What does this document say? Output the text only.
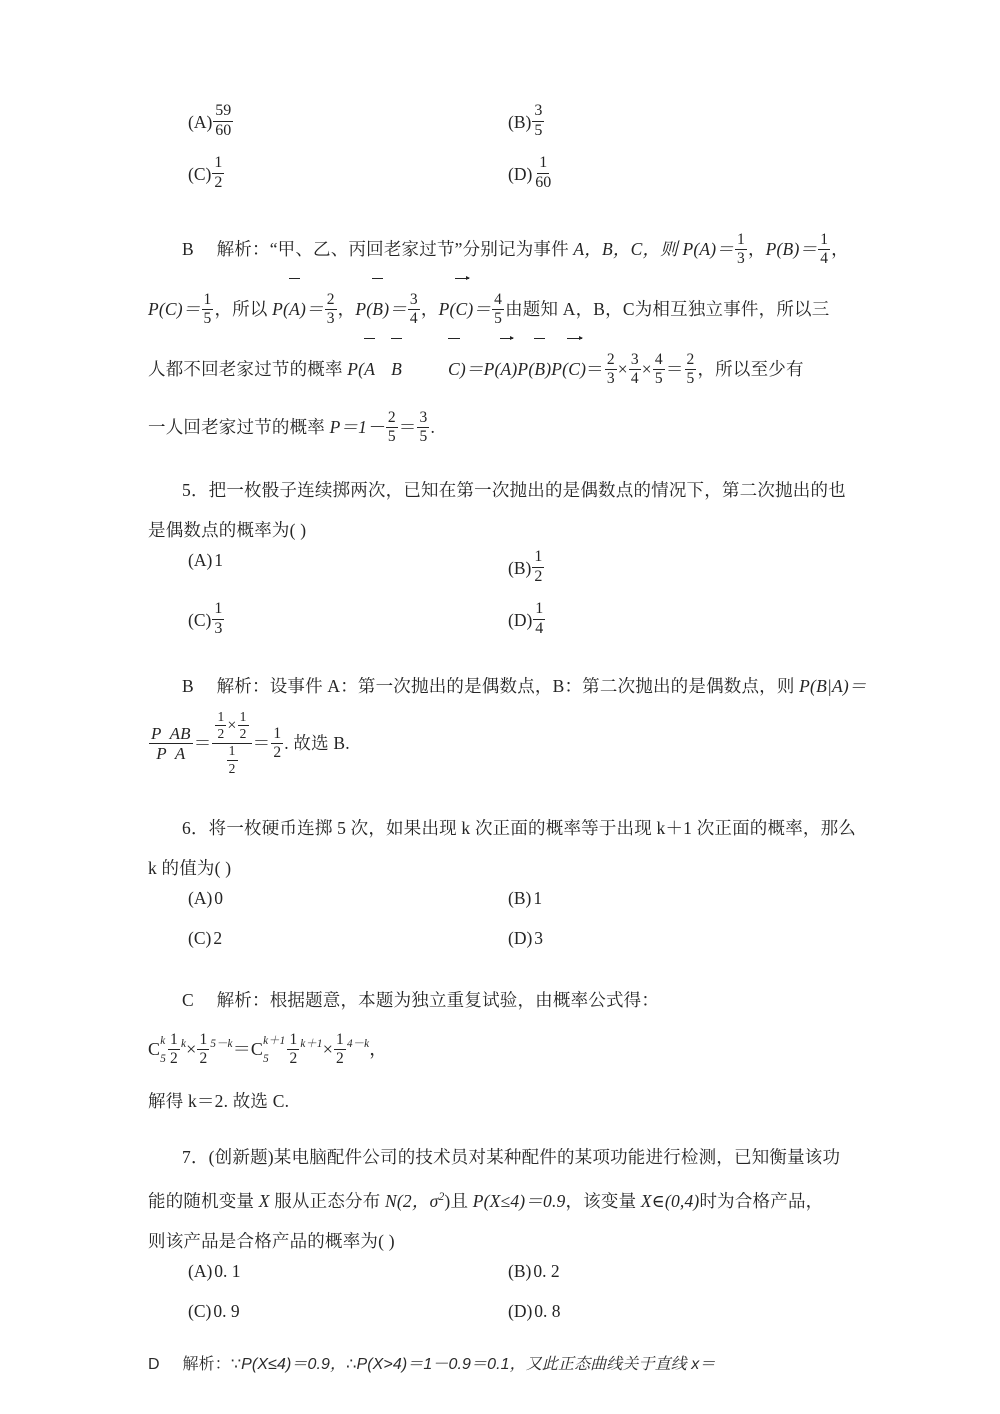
$(A) \frac{59}{60}$	$(B) \frac{3}{5}$
$(C) \frac{1}{2}$	$(D) \frac{1}{60}$
B 解析：“甲、乙、丙回老家过节”分别记为事件 A，B，C，则 $P(A)= \frac{1}{3}$ ，$P(B)= \frac{1}{4}$ ，
$P(C)= \frac{1}{5}$ ，所以 $P(A)= \frac{2}{3}$ ，$P(B)= \frac{3}{4}$ ，$P(C)= \frac{4}{5}$ 由题知 A，B，C为相互独立事件，所以三
人都不回老家过节的概率 P(A B	$C)=P(A)P(B)P(C)= \frac{2}{3} \times \frac{3}{4} \times \frac{4}{5} = \frac{2}{5}$ ，所以至少有
一人回老家过节的概率 $P=1- \frac{2}{5} = \frac{3}{5}$ .
5．把一枚骰子连续掷两次，已知在第一次抛出的是偶数点的情况下，第二次抛出的也
是偶数点的概率为( )
(A) 1	$(B) \frac{1}{2}$
$(C) \frac{1}{3}$	$(D) \frac{1}{4}$
B 解析：设事件 A：第一次抛出的是偶数点，B：第二次抛出的是偶数点，则 P(B|A)＝
$\frac{\text{P AB}}{\text{P A}} = \frac{\frac{1}{2} \times \frac{1}{2}}{\frac{1}{2}} = \frac{1}{2}$ . 故选 B.
6．将一枚硬币连掷 5 次，如果出现 k 次正面的概率等于出现 k＋1 次正面的概率，那么
k 的值为( )
(A) 0	(B) 1
(C) 2	(D) 3
C 解析：根据题意，本题为独立重复试验，由概率公式得：
C k
$5 \frac{1}{2} ^k\times \frac{1}{2} ^{5-k}=C$ k＋1
5	$\frac{1}{2} ^{k+1}\times \frac{1}{2} ^{4-k}$，
解得 k＝2. 故选 C.
7．(创新题)某电脑配件公司的技术员对某种配件的某项功能进行检测，已知衡量该功
能的随机变量 X 服从正态分布 N(2，$\sigma^2$)且 P(X≤4)＝0.9，该变量 X∈(0,4)时为合格产品，
则该产品是合格产品的概率为( )
(A) 0. 1	(B) 0. 2
(C) 0. 9	(D) 0. 8
D 解析：∵P(X≤4)＝0.9，∴P(X>4)＝1－0.9＝0.1，又此正态曲线关于直线 x＝
